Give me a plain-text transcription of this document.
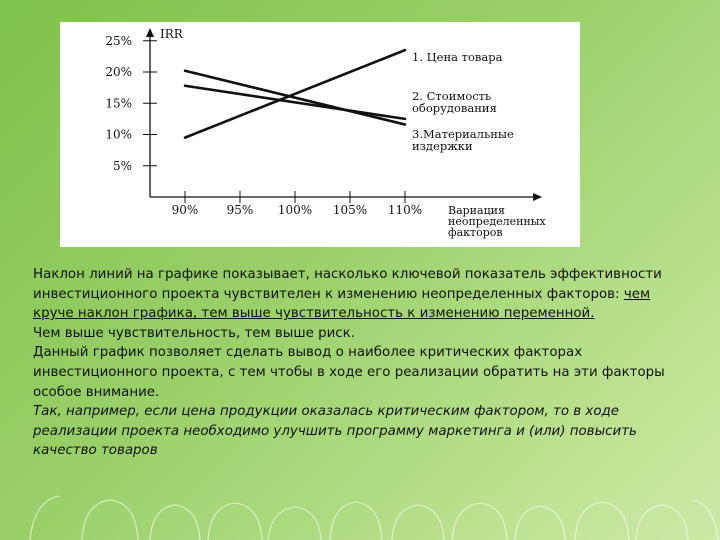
IRR
25%
20%
15%
10%
5%
90% 95% 100% 105% 110% Вариация
неопределенных
факторов
1. Цена товара
2. Стоимость
оборудования
3.Материальные
издержки

Наклон линий на графике показывает, насколько ключевой показатель эффективности инвестиционного проекта чувствителен к изменению неопределенных факторов: чем круче наклон графика, тем выше чувствительность к изменению переменной.

Чем выше чувствительность, тем выше риск.

Данный график позволяет сделать вывод о наиболее критических факторах инвестиционного проекта, с тем чтобы в ходе его реализации обратить на эти факторы особое внимание.

Так, например, если цена продукции оказалась критическим фактором, то в ходе реализации проекта необходимо улучшить программу маркетинга и (или) повысить качество товаров
